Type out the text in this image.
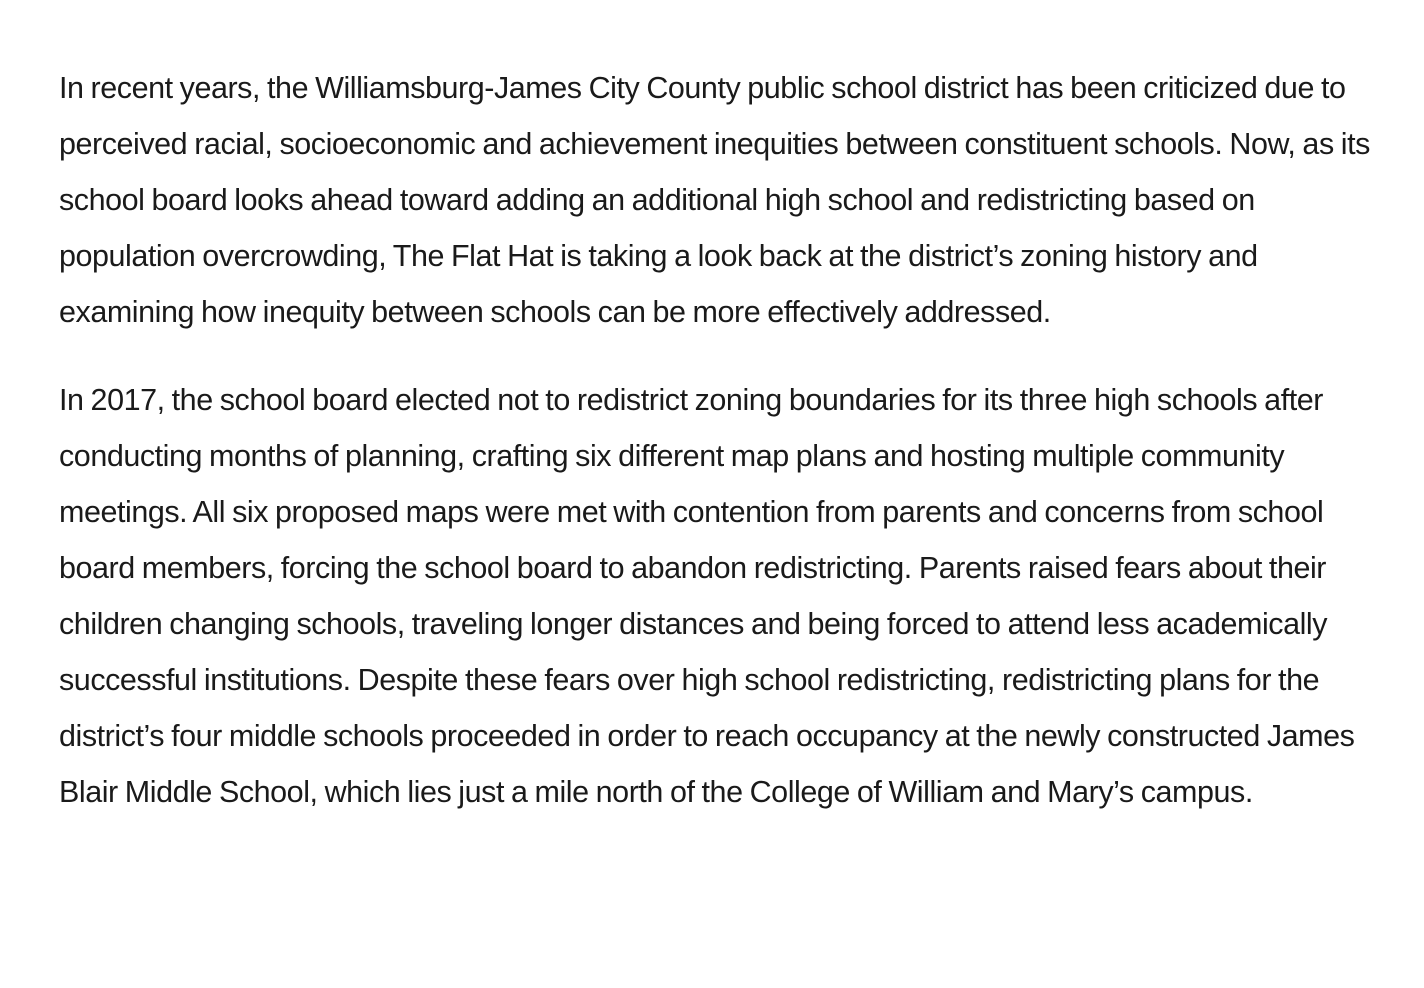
In recent years, the Williamsburg-James City County public school district has been criticized due to perceived racial, socioeconomic and achievement inequities between constituent schools. Now, as its school board looks ahead toward adding an additional high school and redistricting based on population overcrowding, The Flat Hat is taking a look back at the district’s zoning history and examining how inequity between schools can be more effectively addressed.

In 2017, the school board elected not to redistrict zoning boundaries for its three high schools after conducting months of planning, crafting six different map plans and hosting multiple community meetings. All six proposed maps were met with contention from parents and concerns from school board members, forcing the school board to abandon redistricting. Parents raised fears about their children changing schools, traveling longer distances and being forced to attend less academically successful institutions. Despite these fears over high school redistricting, redistricting plans for the district’s four middle schools proceeded in order to reach occupancy at the newly constructed James Blair Middle School, which lies just a mile north of the College of William and Mary’s campus.
